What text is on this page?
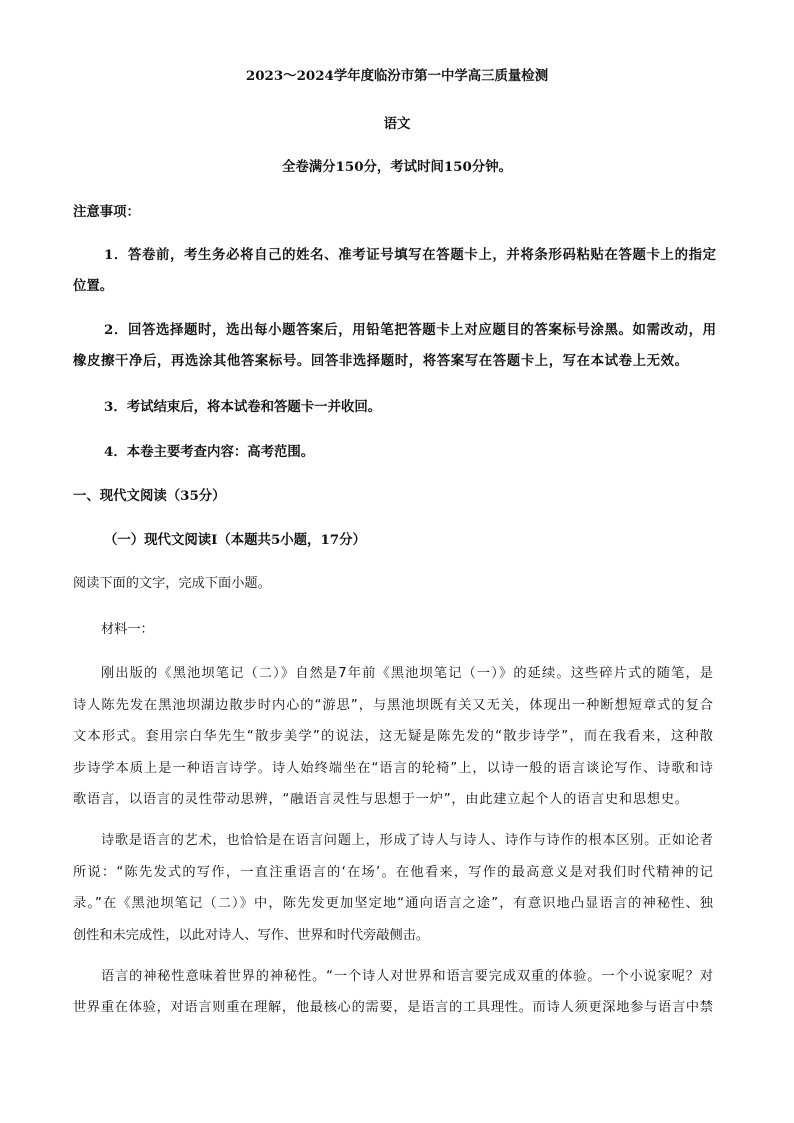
2023～2024学年度临汾市第一中学高三质量检测
语文
全卷满分150分，考试时间150分钟。
注意事项：
1．答卷前，考生务必将自己的姓名、准考证号填写在答题卡上，并将条形码粘贴在答题卡上的指定
位置。
2．回答选择题时，选出每小题答案后，用铅笔把答题卡上对应题目的答案标号涂黑。如需改动，用
橡皮擦干净后，再选涂其他答案标号。回答非选择题时，将答案写在答题卡上，写在本试卷上无效。
3．考试结束后，将本试卷和答题卡一并收回。
4．本卷主要考查内容：高考范围。
一、现代文阅读（35分）
（一）现代文阅读Ⅰ（本题共5小题，17分）
阅读下面的文字，完成下面小题。
材料一：
刚出版的《黑池坝笔记（二）》自然是7年前《黑池坝笔记（一）》的延续。这些碎片式的随笔，是
诗人陈先发在黑池坝湖边散步时内心的“游思”，与黑池坝既有关又无关，体现出一种断想短章式的复合
文本形式。套用宗白华先生“散步美学”的说法，这无疑是陈先发的“散步诗学”，而在我看来，这种散
步诗学本质上是一种语言诗学。诗人始终端坐在“语言的轮椅”上，以诗一般的语言谈论写作、诗歌和诗
歌语言，以语言的灵性带动思辨，“融语言灵性与思想于一炉”，由此建立起个人的语言史和思想史。
诗歌是语言的艺术，也恰恰是在语言问题上，形成了诗人与诗人、诗作与诗作的根本区别。正如论者
所说：“陈先发式的写作，一直注重语言的‘在场’。在他看来，写作的最高意义是对我们时代精神的记
录。”在《黑池坝笔记（二）》中，陈先发更加坚定地“通向语言之途”，有意识地凸显语言的神秘性、独
创性和未完成性，以此对诗人、写作、世界和时代旁敲侧击。
语言的神秘性意味着世界的神秘性。“一个诗人对世界和语言要完成双重的体验。一个小说家呢？对
世界重在体验，对语言则重在理解，他最核心的需要，是语言的工具理性。而诗人须更深地参与语言中禁
